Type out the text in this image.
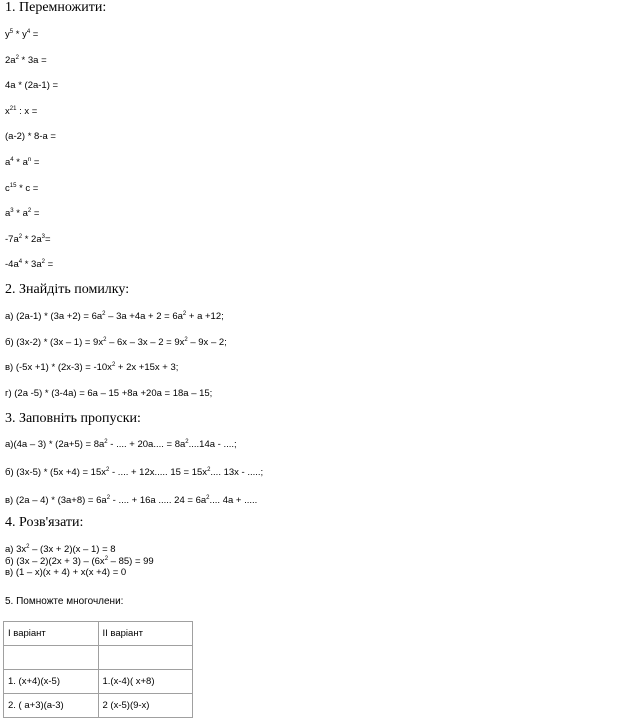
1. Перемножити:
$y^5 * y^4$ =
$2a^2 * 3a$ =
4a * (2a-1) =
$x^{21}$ : x =
(a-2) * 8-a =
$a^4 * a^n$ =
$c^{15}$ * c =
$a^3 * a^2$ =
$-7a^2 * 2a^3=$
$-4a^4 * 3a^2$ =
2. Знайдіть помилку:
а) $(2a-1) * (3a +2) = 6a^2 - 3a +4a + 2 = 6a^2 + a +12$;
б) $(3x-2) * (3x - 1) = 9x^2 - 6x - 3x - 2 = 9x^2 - 9x - 2$;
в) $(-5x +1) * (2x-3) = -10x^2 + 2x +15x + 3$;
г) (2a -5) * (3-4a) = 6a – 15 +8a +20a = 18a – 15;
3. Заповніть пропуски:
$а)(4a - 3) * (2a+5) = 8a^2$ - .... + 20a.... = $8a^2....14a$ - ....;
б) $(3x-5) * (5x +4) = 15x^2$ - .... + 12x..... $15 = 15x^2$.... 13x - .....;
в) $(2a - 4) * (3a+8) = 6a^2$ - .... + 16a ..... $24 = 6a^2$.... 4a + .....
4. Розв'язати:
а) $3x^2 - (3x + 2)(x - 1) = 8$
б) $(3x - 2)(2x + 3) - (6x^2 - 85) = 99$
в) (1 – x)(x + 4) + x(x +4) = 0
5. Помножте многочлени:
I варіант	II варіант

1. (x+4)(x-5)	1.(x-4)( x+8)
2. ( a+3)(a-3)	2 (x-5)(9-x)
